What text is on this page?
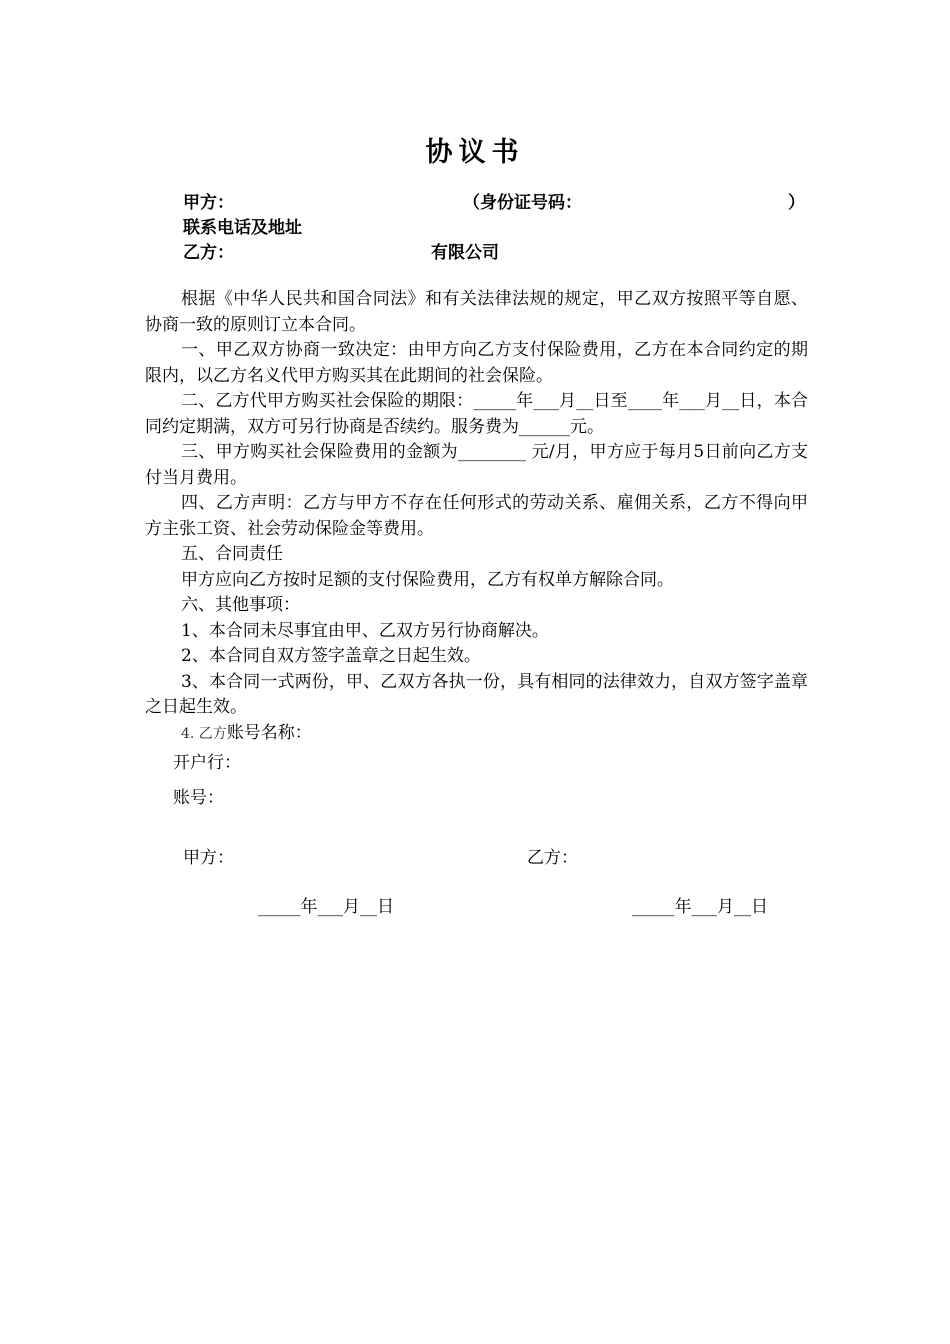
协议书
甲方：	（身份证号码：	）
联系电话及地址
乙方：	有限公司

根据《中华人民共和国合同法》和有关法律法规的规定，甲乙双方按照平等自愿、协商一致的原则订立本合同。

一、甲乙双方协商一致决定：由甲方向乙方支付保险费用，乙方在本合同约定的期限内，以乙方名义代甲方购买其在此期间的社会保险。

二、乙方代甲方购买社会保险的期限：_____年___月__日至____年___月__日，本合同约定期满，双方可另行协商是否续约。服务费为______元。

三、甲方购买社会保险费用的金额为________ 元/月，甲方应于每月5日前向乙方支付当月费用。

四、乙方声明：乙方与甲方不存在任何形式的劳动关系、雇佣关系，乙方不得向甲方主张工资、社会劳动保险金等费用。

五、合同责任

甲方应向乙方按时足额的支付保险费用，乙方有权单方解除合同。

六、其他事项：

1、本合同未尽事宜由甲、乙双方另行协商解决。

2、本合同自双方签字盖章之日起生效。

3、本合同一式两份，甲、乙双方各执一份，具有相同的法律效力，自双方签字盖章之日起生效。

4. 乙方账号名称：

开户行：
账号：
甲方：	乙方：
_____年___月__日	_____年___月__日
